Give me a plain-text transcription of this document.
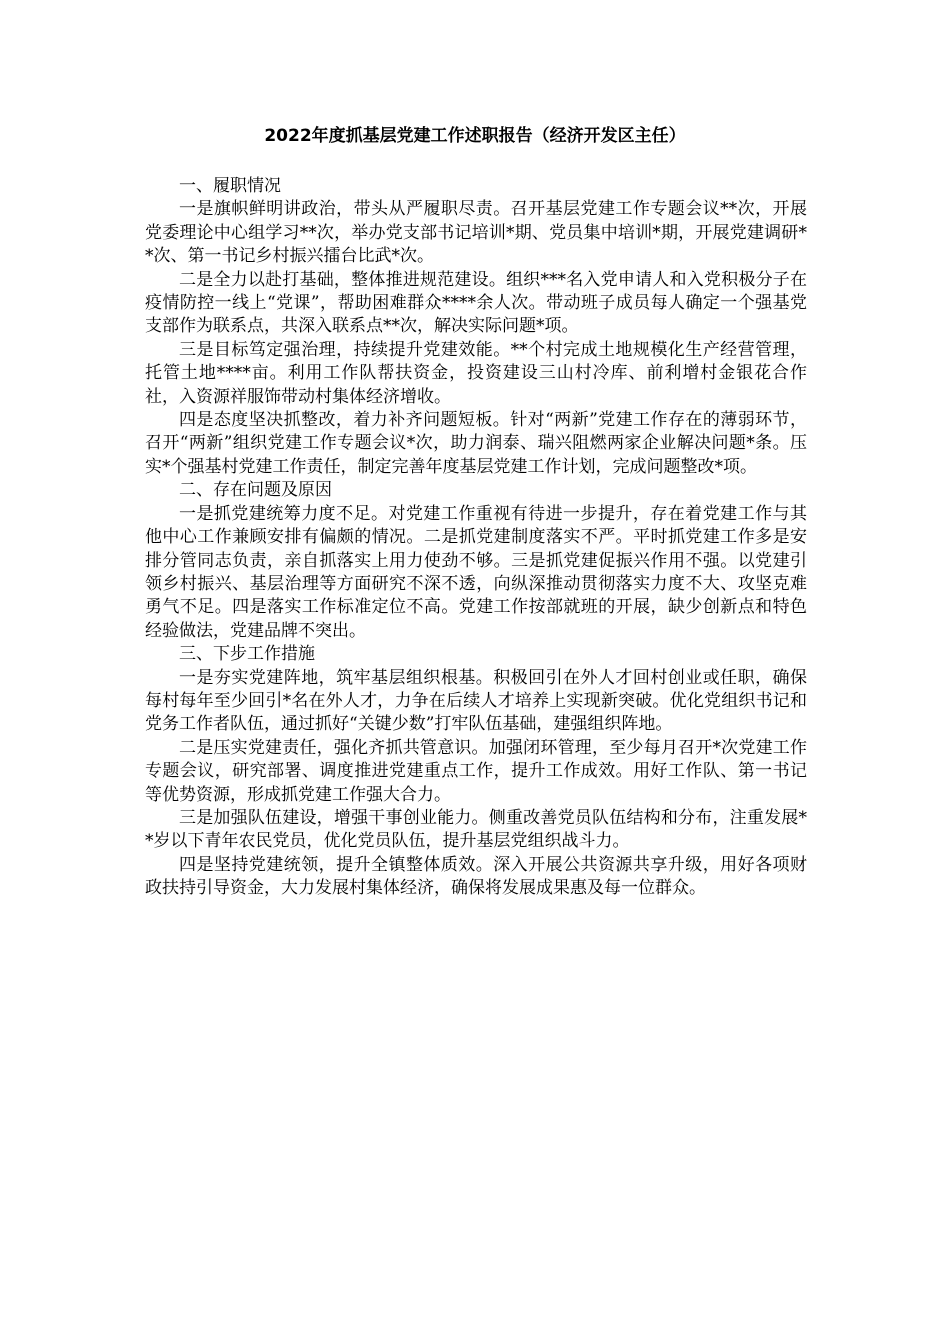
2022年度抓基层党建工作述职报告（经济开发区主任）

一、履职情况

一是旗帜鲜明讲政治，带头从严履职尽责。召开基层党建工作专题会议**次，开展党委理论中心组学习**次，举办党支部书记培训*期、党员集中培训*期，开展党建调研**次、第一书记乡村振兴擂台比武*次。

二是全力以赴打基础，整体推进规范建设。组织***名入党申请人和入党积极分子在疫情防控一线上“党课”，帮助困难群众****余人次。带动班子成员每人确定一个强基党支部作为联系点，共深入联系点**次，解决实际问题*项。

三是目标笃定强治理，持续提升党建效能。**个村完成土地规模化生产经营管理，托管土地****亩。利用工作队帮扶资金，投资建设三山村冷库、前利增村金银花合作社，入资源祥服饰带动村集体经济增收。

四是态度坚决抓整改，着力补齐问题短板。针对“两新”党建工作存在的薄弱环节，召开“两新”组织党建工作专题会议*次，助力润泰、瑞兴阻燃两家企业解决问题*条。压实*个强基村党建工作责任，制定完善年度基层党建工作计划，完成问题整改*项。

二、存在问题及原因

一是抓党建统筹力度不足。对党建工作重视有待进一步提升，存在着党建工作与其他中心工作兼顾安排有偏颇的情况。二是抓党建制度落实不严。平时抓党建工作多是安排分管同志负责，亲自抓落实上用力使劲不够。三是抓党建促振兴作用不强。以党建引领乡村振兴、基层治理等方面研究不深不透，向纵深推动贯彻落实力度不大、攻坚克难勇气不足。四是落实工作标准定位不高。党建工作按部就班的开展，缺少创新点和特色经验做法，党建品牌不突出。

三、下步工作措施

一是夯实党建阵地，筑牢基层组织根基。积极回引在外人才回村创业或任职，确保每村每年至少回引*名在外人才，力争在后续人才培养上实现新突破。优化党组织书记和党务工作者队伍，通过抓好“关键少数”打牢队伍基础，建强组织阵地。

二是压实党建责任，强化齐抓共管意识。加强闭环管理，至少每月召开*次党建工作专题会议，研究部署、调度推进党建重点工作，提升工作成效。用好工作队、第一书记等优势资源，形成抓党建工作强大合力。

三是加强队伍建设，增强干事创业能力。侧重改善党员队伍结构和分布，注重发展**岁以下青年农民党员，优化党员队伍，提升基层党组织战斗力。

四是坚持党建统领，提升全镇整体质效。深入开展公共资源共享升级，用好各项财政扶持引导资金，大力发展村集体经济，确保将发展成果惠及每一位群众。
